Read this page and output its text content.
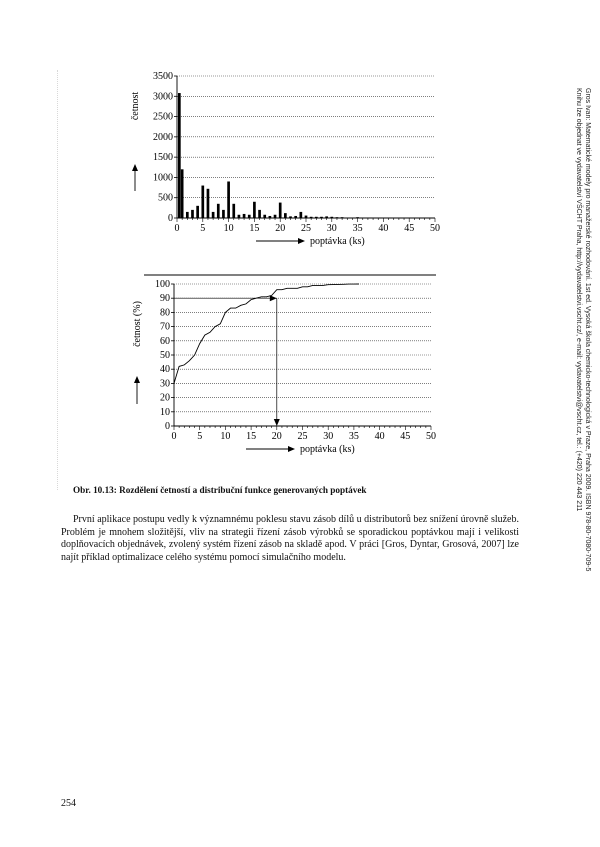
Gros Ivan: Matematické modely pro manažerské rozhodování. 1st ed. Vysoká škola chemicko-technologická v Praze, Praha 2009. ISBN 978-80-7080-709-5
Knihu lze objednat ve vydavatelství VŠCHT Praha, http://vydavatelstvi.vscht.cz/, e-mail: vydavatelstvi@vscht.cz, tel.: (+420) 220 443 211
0
500
1000
1500
2000
2500
3000
3500
0 5 10 15 20 25 30 35 40 45 50
poptávka (ks)
četnost
0
10
20
30
40
50
60
70
80
90
100
0 5 10 15 20 25 30 35 40 45 50
poptávka (ks)
četnost (%)
Obr. 10.13: Rozdělení četností a distribuční funkce generovaných poptávek

První aplikace postupu vedly k významnému poklesu stavu zásob dílů u distributorů bez snížení úrovně služeb. Problém je mnohem složitější, vliv na strategii řízení zásob výrobků se sporadickou poptávkou mají i velikosti doplňovacích objednávek, zvolený systém řízení zásob na skladě apod. V práci [Gros, Dyntar, Grosová, 2007] lze najít příklad optimalizace celého systému pomocí simulačního modelu.

254
